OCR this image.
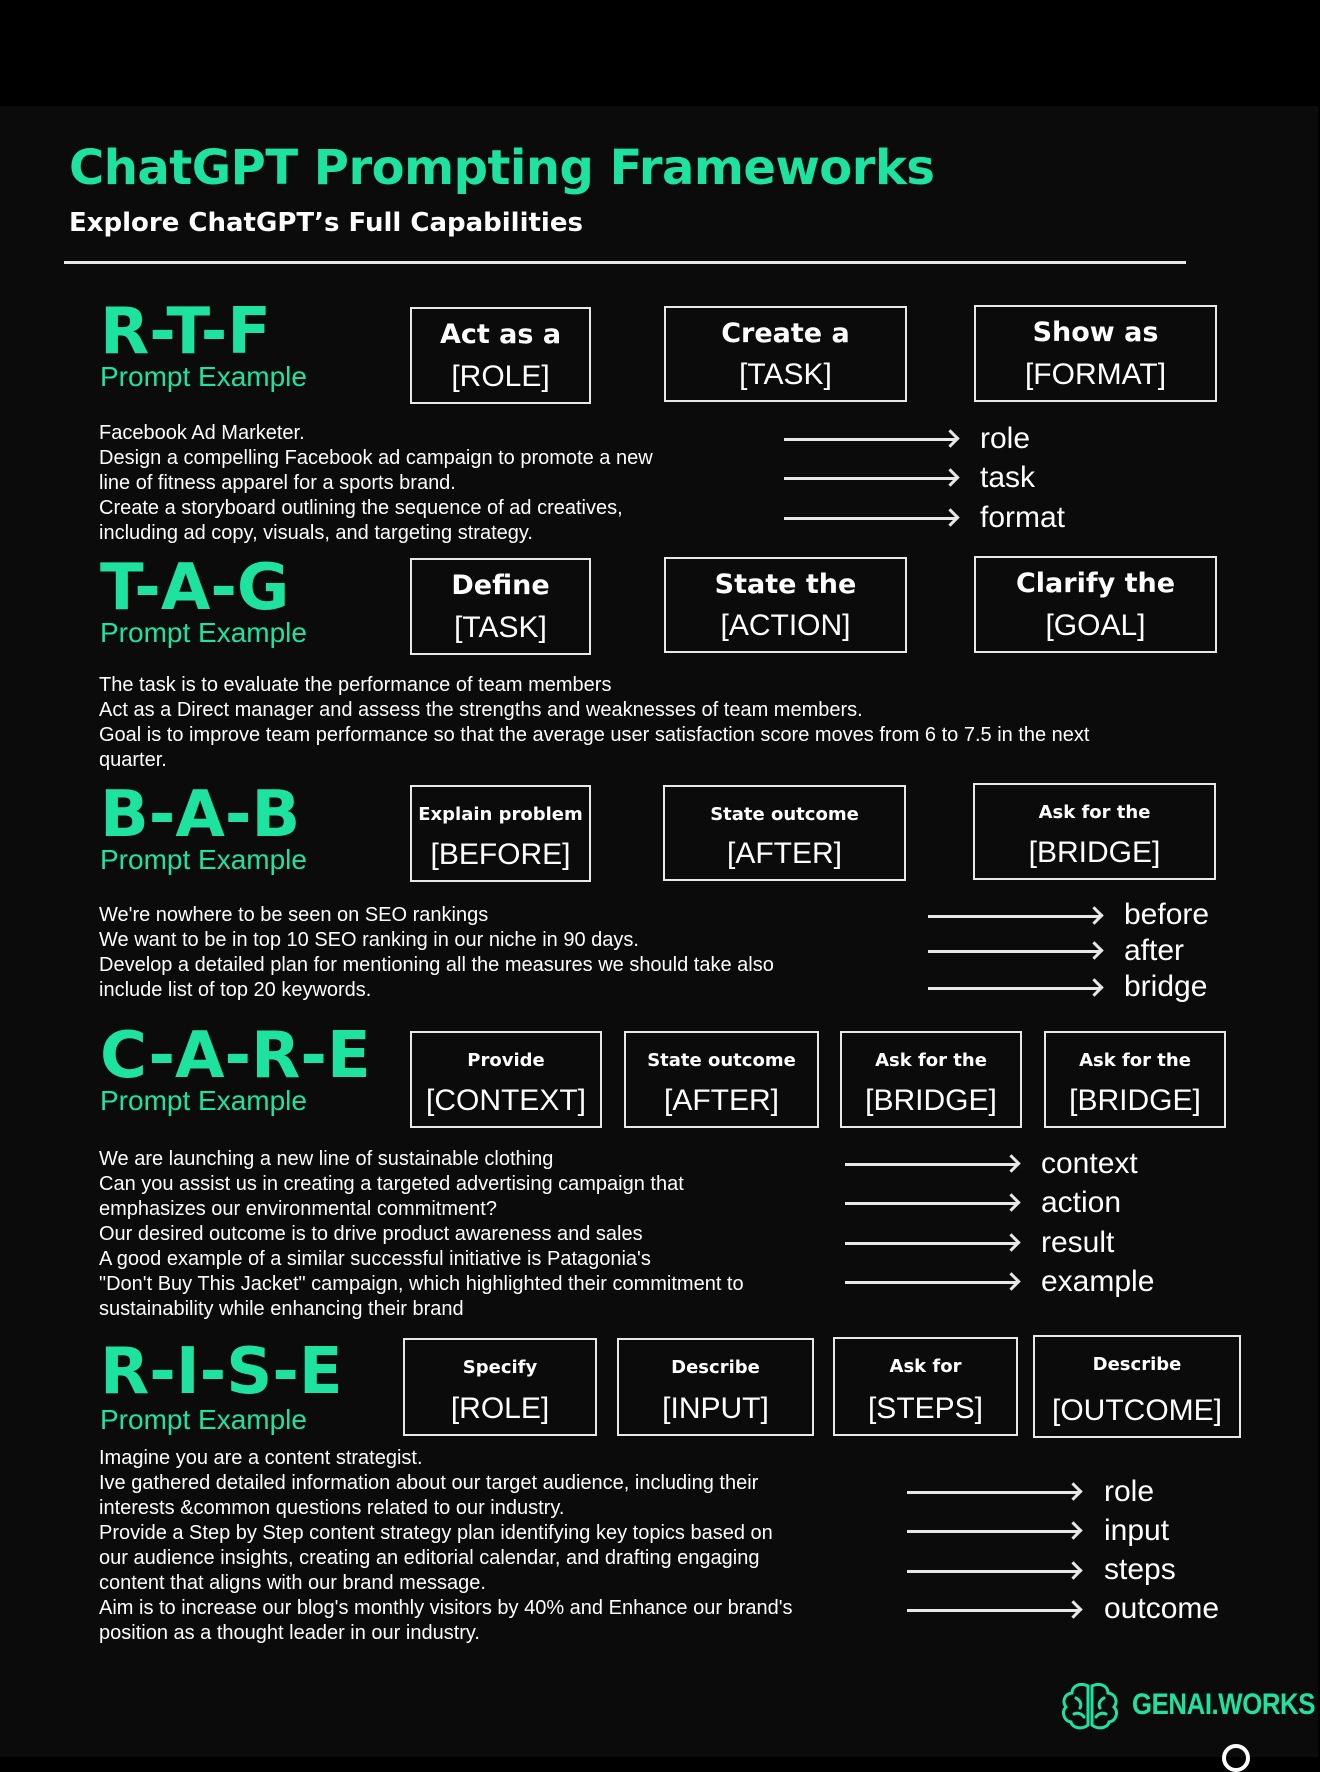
ChatGPT Prompting Frameworks
Explore ChatGPT’s Full Capabilities
R-T-F
Prompt Example
Act as a
[ROLE]
Create a
[TASK]
Show as
[FORMAT]
Facebook Ad Marketer.
Design a compelling Facebook ad campaign to promote a new
line of fitness apparel for a sports brand.
Create a storyboard outlining the sequence of ad creatives,
including ad copy, visuals, and targeting strategy.
role
task
format
T-A-G
Prompt Example
Define
[TASK]
State the
[ACTION]
Clarify the
[GOAL]
The task is to evaluate the performance of team members
Act as a Direct manager and assess the strengths and weaknesses of team members.
Goal is to improve team performance so that the average user satisfaction score moves from 6 to 7.5 in the next
quarter.
B-A-B
Prompt Example
Explain problem
[BEFORE]
State outcome
[AFTER]
Ask for the
[BRIDGE]
We're nowhere to be seen on SEO rankings
We want to be in top 10 SEO ranking in our niche in 90 days.
Develop a detailed plan for mentioning all the measures we should take also
include list of top 20 keywords.
before
after
bridge
C-A-R-E
Prompt Example
Provide
[CONTEXT]
State outcome
[AFTER]
Ask for the
[BRIDGE]
Ask for the
[BRIDGE]
We are launching a new line of sustainable clothing
Can you assist us in creating a targeted advertising campaign that
emphasizes our environmental commitment?
Our desired outcome is to drive product awareness and sales
A good example of a similar successful initiative is Patagonia's
"Don't Buy This Jacket" campaign, which highlighted their commitment to
sustainability while enhancing their brand
context
action
result
example
R-I-S-E
Prompt Example
Specify
[ROLE]
Describe
[INPUT]
Ask for
[STEPS]
Describe
[OUTCOME]
Imagine you are a content strategist.
Ive gathered detailed information about our target audience, including their
interests &common questions related to our industry.
Provide a Step by Step content strategy plan identifying key topics based on
our audience insights, creating an editorial calendar, and drafting engaging
content that aligns with our brand message.
Aim is to increase our blog's monthly visitors by 40% and Enhance our brand's
position as a thought leader in our industry.
role
input
steps
outcome
GENAI.WORKS
